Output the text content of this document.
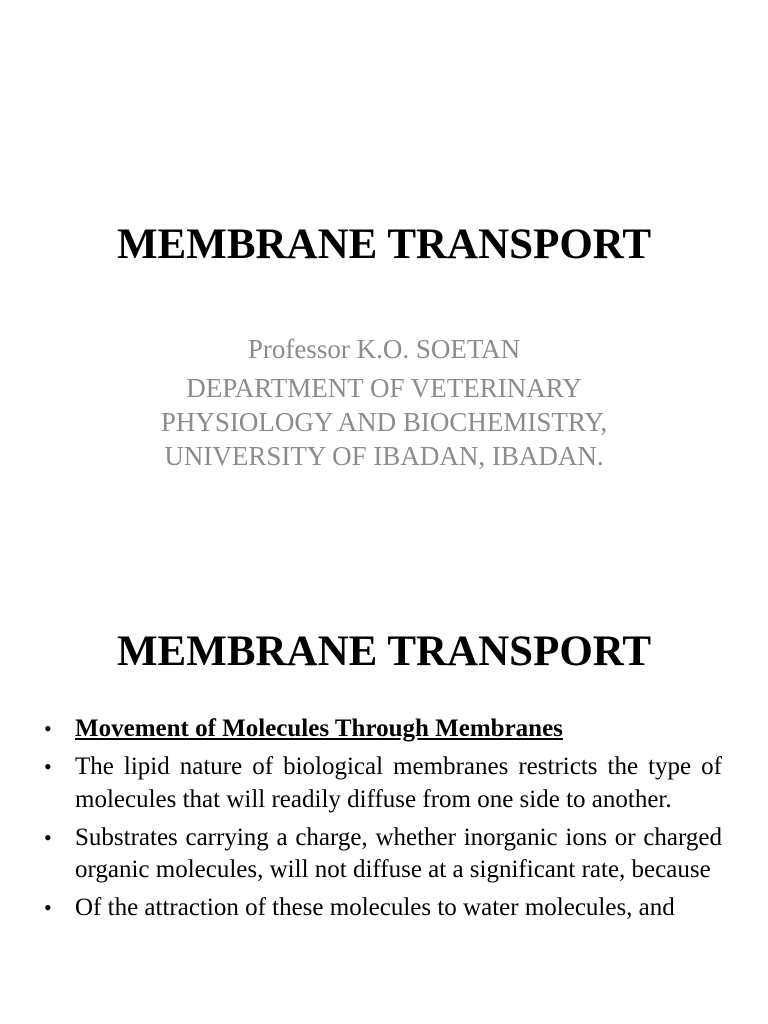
MEMBRANE TRANSPORT
Professor K.O. SOETAN
DEPARTMENT OF VETERINARY
PHYSIOLOGY AND BIOCHEMISTRY,
UNIVERSITY OF IBADAN, IBADAN.
MEMBRANE TRANSPORT
• Movement of Molecules Through Membranes
• The lipid nature of biological membranes restricts the type of molecules that will readily diffuse from one side to another.
• Substrates carrying a charge, whether inorganic ions or charged organic molecules, will not diffuse at a significant rate, because
• Of the attraction of these molecules to water molecules, and
